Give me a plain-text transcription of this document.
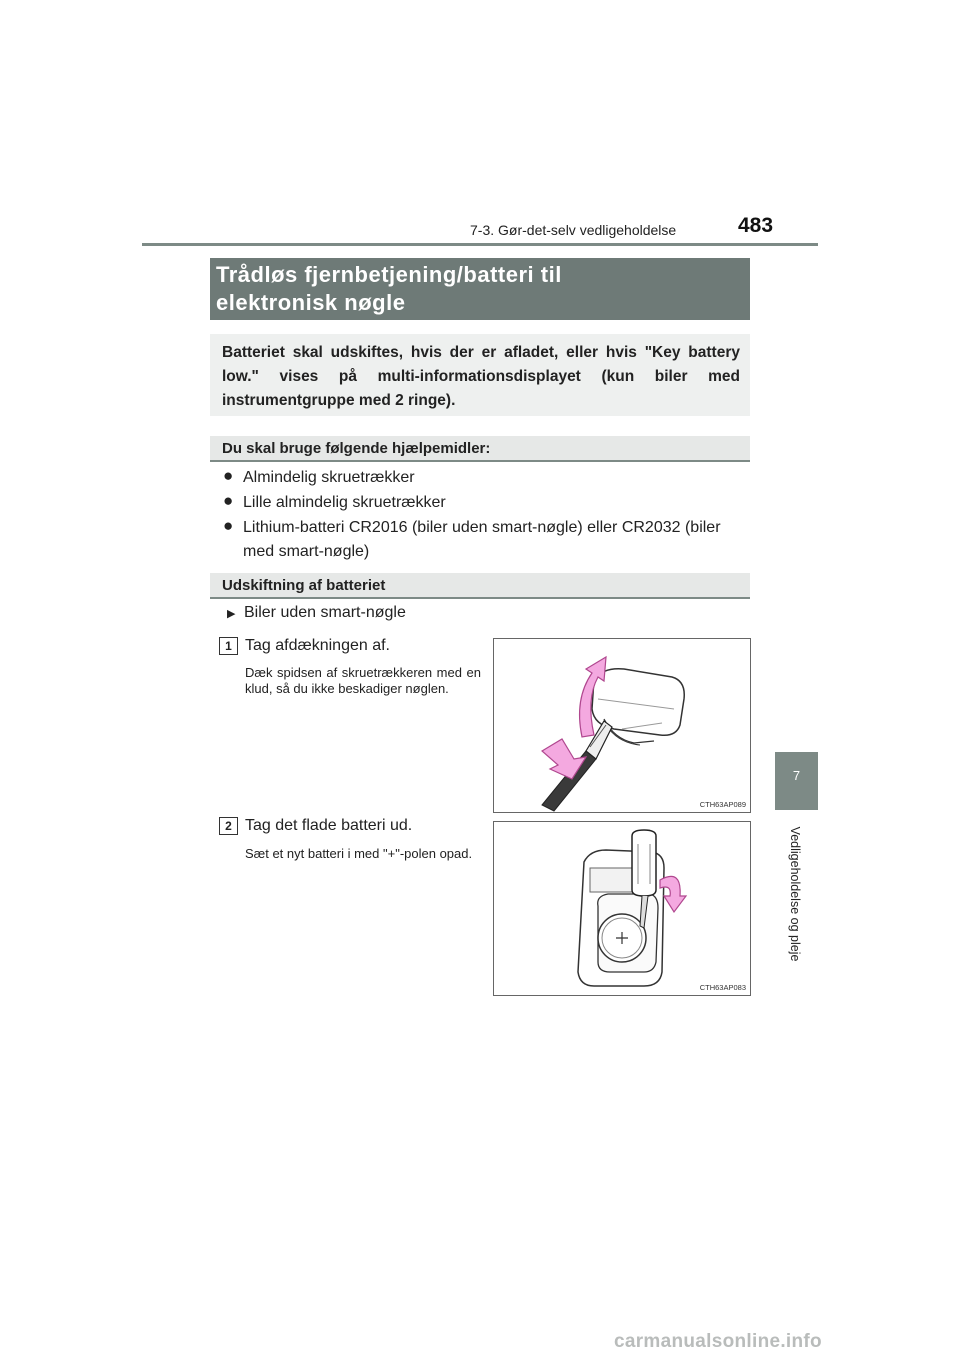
7-3. Gør-det-selv vedligeholdelse	483
7
Vedligeholdelse og pleje
Trådløs fjernbetjening/batteri til
elektronisk nøgle
Batteriet skal udskiftes, hvis der er afladet, eller hvis "Key battery low." vises på multi-informationsdisplayet (kun biler med instrumentgruppe med 2 ringe).
Du skal bruge følgende hjælpemidler:
● Almindelig skruetrækker
● Lille almindelig skruetrækker
● Lithium-batteri CR2016 (biler uden smart-nøgle) eller CR2032 (biler
med smart-nøgle)
Udskiftning af batteriet
▶ Biler uden smart-nøgle
1 Tag afdækningen af.
Dæk spidsen af skruetrækkeren med en klud, så du ikke beskadiger nøglen.
CTH63AP089
2 Tag det flade batteri ud.
Sæt et nyt batteri i med "+"-polen opad.
CTH63AP083
carmanualsonline.info
